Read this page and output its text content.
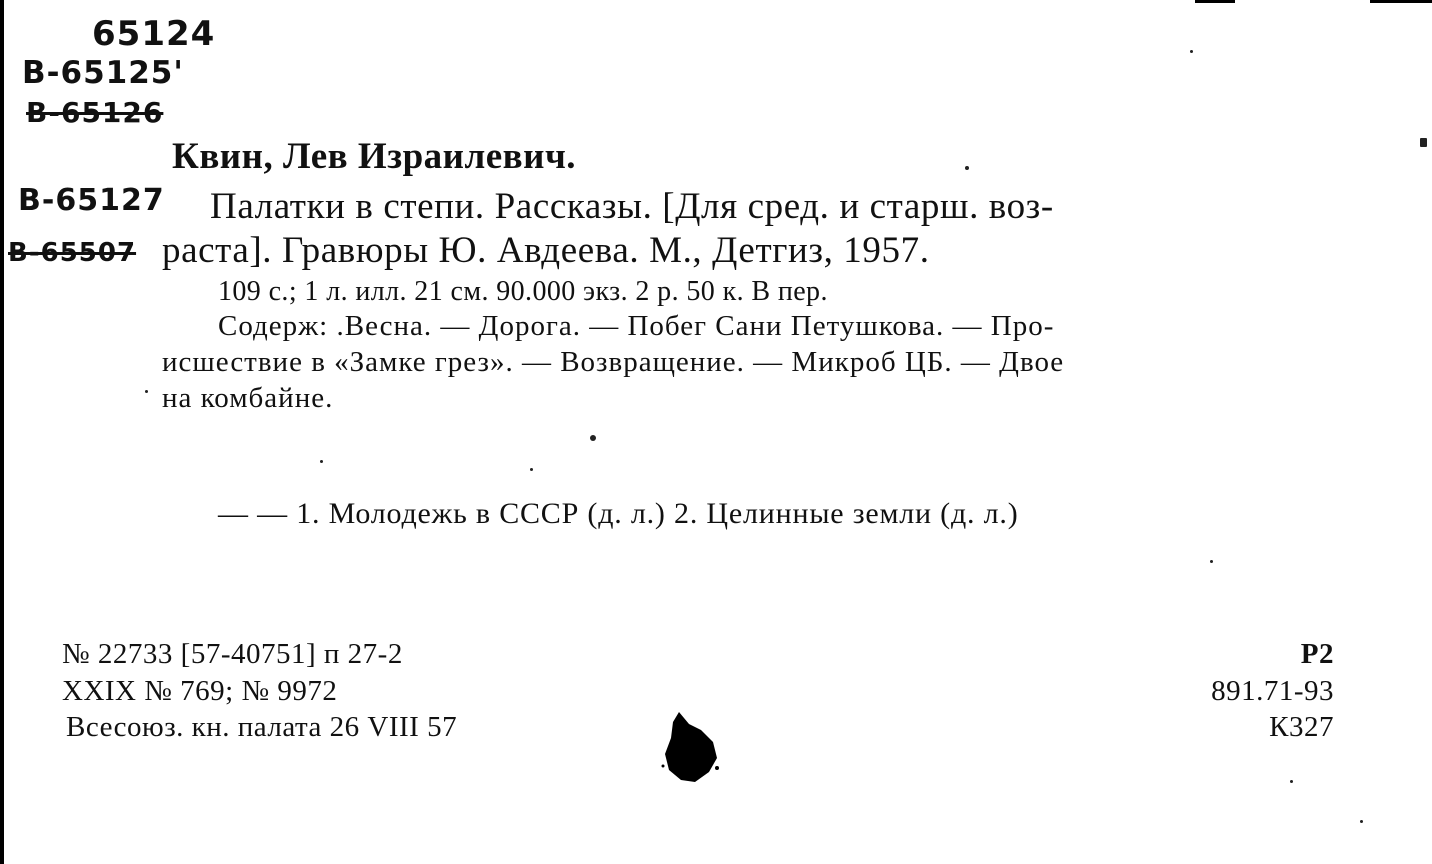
65124
В-65125'
В-65126
В-65127
В-65507
Квин, Лев Израилевич.
Палатки в степи. Рассказы. [Для сред. и старш. воз-
раста]. Гравюры Ю. Авдеева. М., Детгиз, 1957.
109 с.; 1 л. илл. 21 см. 90.000 экз. 2 р. 50 к. В пер.
Содерж: .Весна. — Дорога. — Побег Сани Петушкова. — Про-
исшествие в «Замке грез». — Возвращение. — Микроб ЦБ. — Двое
на комбайне.
— — 1. Молодежь в СССР (д. л.) 2. Целинные земли (д. л.)
№ 22733 [57-40751] п 27-2
XXIX № 769; № 9972
Всесоюз. кн. палата 26 VIII 57
Р2
891.71-93
К327
